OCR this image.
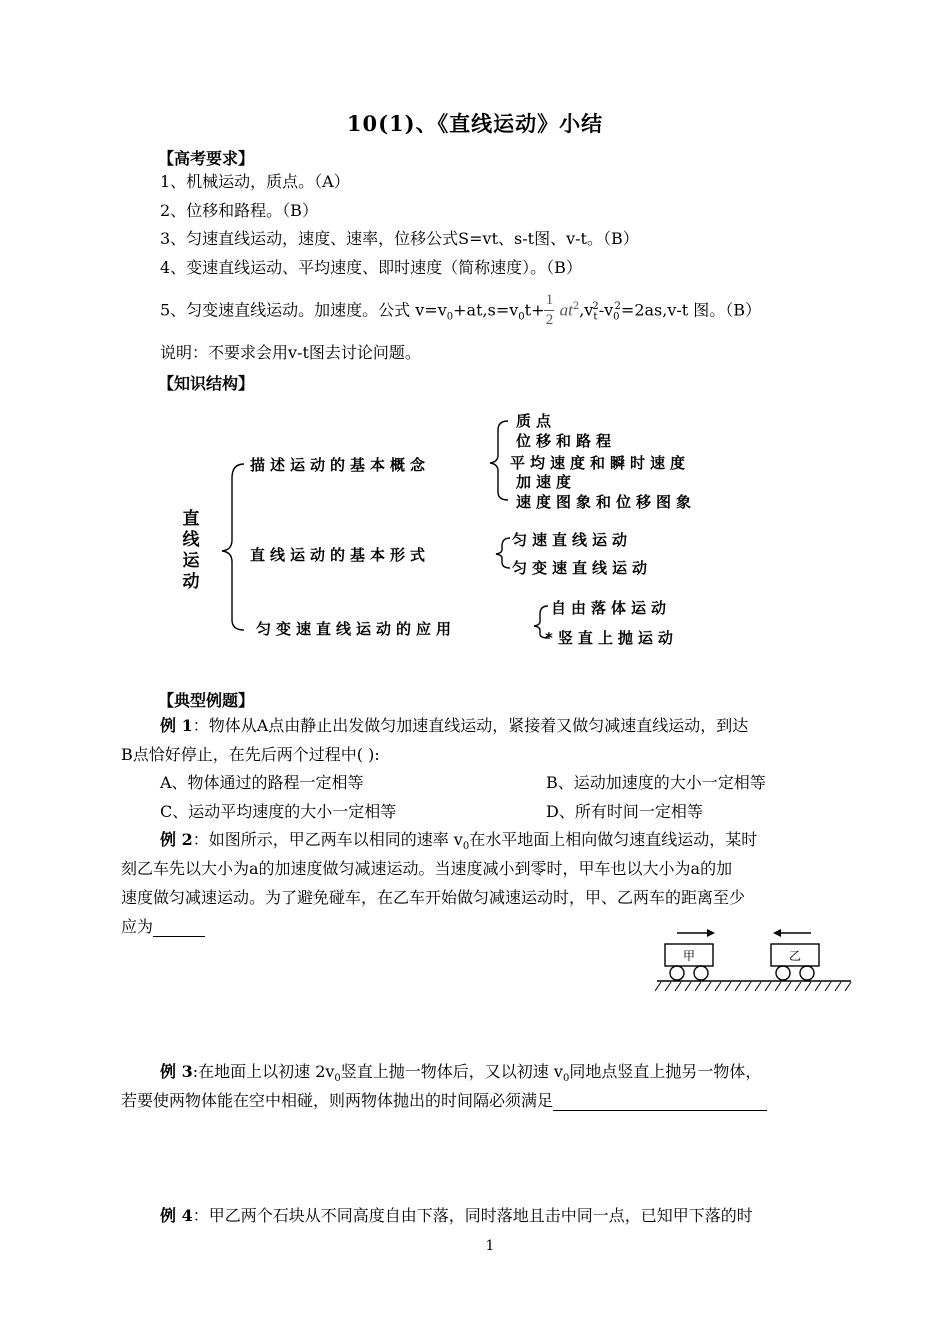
10(1)、《直线运动》小结
【高考要求】
1、机械运动，质点。（A）
2、位移和路程。（B）
3、匀速直线运动，速度、速率，位移公式S=vt、s-t图、v-t。（B）
4、变速直线运动、平均速度、即时速度（简称速度）。（B）
5、匀变速直线运动。加速度。公式 $v=v_0+at,s=v_0t+ \frac{1}{2} at^2,v_t^2-v_0^2=2as,v-t$ 图。（B）
说明：不要求会用v-t图去讨论问题。
【知识结构】
直
线
运
动
描述运动的基本概念
质点
位移和路程
平均速度和瞬时速度
加速度
速度图象和位移图象
直线运动的基本形式
匀速直线运动
匀变速直线运动
匀变速直线运动的应用
自由落体运动
*竖直上抛运动
【典型例题】
例 1：物体从A点由静止出发做匀加速直线运动，紧接着又做匀减速直线运动，到达
B点恰好停止，在先后两个过程中( ):
A、物体通过的路程一定相等	B、运动加速度的大小一定相等
C、运动平均速度的大小一定相等	D、所有时间一定相等
例 2：如图所示，甲乙两车以相同的速率 $v_0$在水平地面上相向做匀速直线运动，某时
刻乙车先以大小为a的加速度做匀减速运动。当速度减小到零时，甲车也以大小为a的加
速度做匀减速运动。为了避免碰车，在乙车开始做匀减速运动时，甲、乙两车的距离至少
应为
甲	乙
例 3:在地面上以初速 $2v_0$竖直上抛一物体后，又以初速 $v_0$同地点竖直上抛另一物体，
若要使两物体能在空中相碰，则两物体抛出的时间隔必须满足
例 4：甲乙两个石块从不同高度自由下落，同时落地且击中同一点，已知甲下落的时
1
